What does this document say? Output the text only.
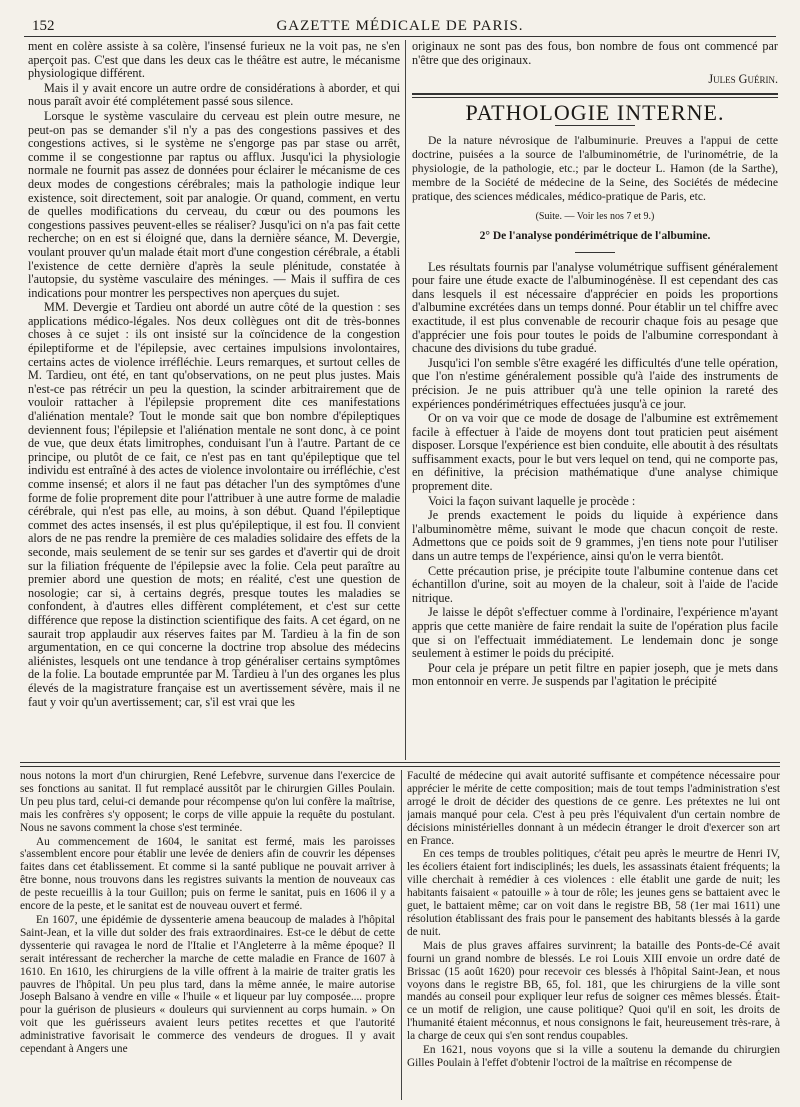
152	GAZETTE MÉDICALE DE PARIS.

ment en colère assiste à sa colère, l'insensé furieux ne la voit pas, ne s'en aperçoit pas. C'est que dans les deux cas le théâtre est autre, le mécanisme physiologique différent.

Mais il y avait encore un autre ordre de considérations à aborder, et qui nous paraît avoir été complétement passé sous silence.

Lorsque le système vasculaire du cerveau est plein outre mesure, ne peut-on pas se demander s'il n'y a pas des congestions passives et des congestions actives, si le système ne s'engorge pas par stase ou arrêt, comme il se congestionne par raptus ou afflux. Jusqu'ici la physiologie normale ne fournit pas assez de données pour éclairer le mécanisme de ces deux modes de congestions cérébrales; mais la pathologie indique leur existence, soit directement, soit par analogie. Or quand, comment, en vertu de quelles modifications du cerveau, du cœur ou des poumons les congestions passives peuvent-elles se réaliser? Jusqu'ici on n'a pas fait cette recherche; on en est si éloigné que, dans la dernière séance, M. Devergie, voulant prouver qu'un malade était mort d'une congestion cérébrale, a établi l'existence de cette dernière d'après la seule plénitude, constatée à l'autopsie, du système vasculaire des méninges. — Mais il suffira de ces indications pour montrer les perspectives non aperçues du sujet.

MM. Devergie et Tardieu ont abordé un autre côté de la question : ses applications médico-légales. Nos deux collègues ont dit de très-bonnes choses à ce sujet : ils ont insisté sur la coïncidence de la congestion épileptiforme et de l'épilepsie, avec certaines impulsions involontaires, certains actes de violence irréfléchie. Leurs remarques, et surtout celles de M. Tardieu, ont été, en tant qu'observations, on ne peut plus justes. Mais n'est-ce pas rétrécir un peu la question, la scinder arbitrairement que de vouloir rattacher à l'épilepsie proprement dite ces manifestations d'aliénation mentale? Tout le monde sait que bon nombre d'épileptiques deviennent fous; l'épilepsie et l'aliénation mentale ne sont donc, à ce point de vue, que deux états limitrophes, conduisant l'un à l'autre. Partant de ce principe, ou plutôt de ce fait, ce n'est pas en tant qu'épileptique que tel individu est entraîné à des actes de violence involontaire ou irréfléchie, c'est comme insensé; et alors il ne faut pas détacher l'un des symptômes d'une forme de folie proprement dite pour l'attribuer à une autre forme de maladie cérébrale, qui n'est pas elle, au moins, à son début. Quand l'épileptique commet des actes insensés, il est plus qu'épileptique, il est fou. Il convient alors de ne pas rendre la première de ces maladies solidaire des effets de la seconde, mais seulement de se tenir sur ses gardes et d'avertir qui de droit sur la filiation fréquente de l'épilepsie avec la folie. Cela peut paraître au premier abord une question de mots; en réalité, c'est une question de nosologie; car si, à certains degrés, presque toutes les maladies se confondent, à d'autres elles diffèrent complétement, et c'est sur cette différence que repose la distinction scientifique des faits. A cet égard, on ne saurait trop applaudir aux réserves faites par M. Tardieu à la fin de son argumentation, en ce qui concerne la doctrine trop absolue des médecins aliénistes, lesquels ont une tendance à trop généraliser certains symptômes de la folie. La boutade empruntée par M. Tardieu à l'un des organes les plus élevés de la magistrature française est un avertissement sévère, mais il ne faut y voir qu'un avertissement; car, s'il est vrai que les

originaux ne sont pas des fous, bon nombre de fous ont commencé par n'être que des originaux.

Jules Guérin.
PATHOLOGIE INTERNE.

De la nature névrosique de l'albuminurie. Preuves a l'appui de cette doctrine, puisées a la source de l'albuminométrie, de l'urinométrie, de la physiologie, de la pathologie, etc.; par le docteur L. Hamon (de la Sarthe), membre de la Société de médecine de la Seine, des Sociétés de médecine pratique, des sciences médicales, médico-pratique de Paris, etc.

(Suite. — Voir les nos 7 et 9.)
2° De l'analyse pondérimétrique de l'albumine.

Les résultats fournis par l'analyse volumétrique suffisent généralement pour faire une étude exacte de l'albuminogénèse. Il est cependant des cas dans lesquels il est nécessaire d'apprécier en poids les proportions d'albumine excrétées dans un temps donné. Pour établir un tel chiffre avec exactitude, il est plus convenable de recourir chaque fois au pesage que d'apprécier une fois pour toutes le poids de l'albumine correspondant à chacune des divisions du tube gradué.

Jusqu'ici l'on semble s'être exagéré les difficultés d'une telle opération, que l'on n'estime généralement possible qu'à l'aide des instruments de précision. Je ne puis attribuer qu'à une telle opinion la rareté des expériences pondérimétriques effectuées jusqu'à ce jour.

Or on va voir que ce mode de dosage de l'albumine est extrêmement facile à effectuer à l'aide de moyens dont tout praticien peut aisément disposer. Lorsque l'expérience est bien conduite, elle aboutit à des résultats suffisamment exacts, pour le but vers lequel on tend, qui ne comporte pas, en définitive, la précision mathématique d'une analyse chimique proprement dite.

Voici la façon suivant laquelle je procède :

Je prends exactement le poids du liquide à expérience dans l'albuminomètre même, suivant le mode que chacun conçoit de reste. Admettons que ce poids soit de 9 grammes, j'en tiens note pour l'utiliser dans un autre temps de l'expérience, ainsi qu'on le verra bientôt.

Cette précaution prise, je précipite toute l'albumine contenue dans cet échantillon d'urine, soit au moyen de la chaleur, soit à l'aide de l'acide nitrique.

Je laisse le dépôt s'effectuer comme à l'ordinaire, l'expérience m'ayant appris que cette manière de faire rendait la suite de l'opération plus facile que si on l'effectuait immédiatement. Le lendemain donc je songe seulement à estimer le poids du précipité.

Pour cela je prépare un petit filtre en papier joseph, que je mets dans mon entonnoir en verre. Je suspends par l'agitation le précipité

nous notons la mort d'un chirurgien, René Lefebvre, survenue dans l'exercice de ses fonctions au sanitat. Il fut remplacé aussitôt par le chirurgien Gilles Poulain. Un peu plus tard, celui-ci demande pour récompense qu'on lui confère la maîtrise, mais les confrères s'y opposent; le corps de ville appuie la requête du postulant. Nous ne savons comment la chose s'est terminée.

Au commencement de 1604, le sanitat est fermé, mais les paroisses s'assemblent encore pour établir une levée de deniers afin de couvrir les dépenses faites dans cet établissement. Et comme si la santé publique ne pouvait arriver à être bonne, nous trouvons dans les registres suivants la mention de nouveaux cas de peste recueillis à la tour Guillon; puis on ferme le sanitat, puis en 1606 il y a encore de la peste, et le sanitat est de nouveau ouvert et fermé.

En 1607, une épidémie de dyssenterie amena beaucoup de malades à l'hôpital Saint-Jean, et la ville dut solder des frais extraordinaires. Est-ce le début de cette dyssenterie qui ravagea le nord de l'Italie et l'Angleterre à la même époque? Il serait intéressant de rechercher la marche de cette maladie en France de 1607 à 1610. En 1610, les chirurgiens de la ville offrent à la mairie de traiter gratis les pauvres de l'hôpital. Un peu plus tard, dans la même année, le maire autorise Joseph Balsano à vendre en ville « l'huile « et liqueur par luy composée.... propre pour la guérison de plusieurs « douleurs qui surviennent au corps humain. » On voit que les guérisseurs avaient leurs petites recettes et que l'autorité administrative favorisait le commerce des vendeurs de drogues. Il y avait cependant à Angers une

Faculté de médecine qui avait autorité suffisante et compétence nécessaire pour apprécier le mérite de cette composition; mais de tout temps l'administration s'est arrogé le droit de décider des questions de ce genre. Les prétextes ne lui ont jamais manqué pour cela. C'est à peu près l'équivalent d'un certain nombre de décisions ministérielles donnant à un médecin étranger le droit d'exercer son art en France.

En ces temps de troubles politiques, c'était peu après le meurtre de Henri IV, les écoliers étaient fort indisciplinés; les duels, les assassinats étaient fréquents; la ville cherchait à remédier à ces violences : elle établit une garde de nuit; les habitants faisaient « patouille » à tour de rôle; les jeunes gens se battaient avec le guet, le battaient même; car on voit dans le registre BB, 58 (1er mai 1611) une résolution établissant des frais pour le pansement des habitants blessés à la garde de nuit.

Mais de plus graves affaires survinrent; la bataille des Ponts-de-Cé avait fourni un grand nombre de blessés. Le roi Louis XIII envoie un ordre daté de Brissac (15 août 1620) pour recevoir ces blessés à l'hôpital Saint-Jean, et nous voyons dans le registre BB, 65, fol. 181, que les chirurgiens de la ville sont mandés au conseil pour expliquer leur refus de soigner ces mêmes blessés. Était-ce un motif de religion, une cause politique? Quoi qu'il en soit, les droits de l'humanité étaient méconnus, et nous consignons le fait, heureusement très-rare, à la charge de ceux qui s'en sont rendus coupables.

En 1621, nous voyons que si la ville a soutenu la demande du chirurgien Gilles Poulain à l'effet d'obtenir l'octroi de la maîtrise en récompense de
